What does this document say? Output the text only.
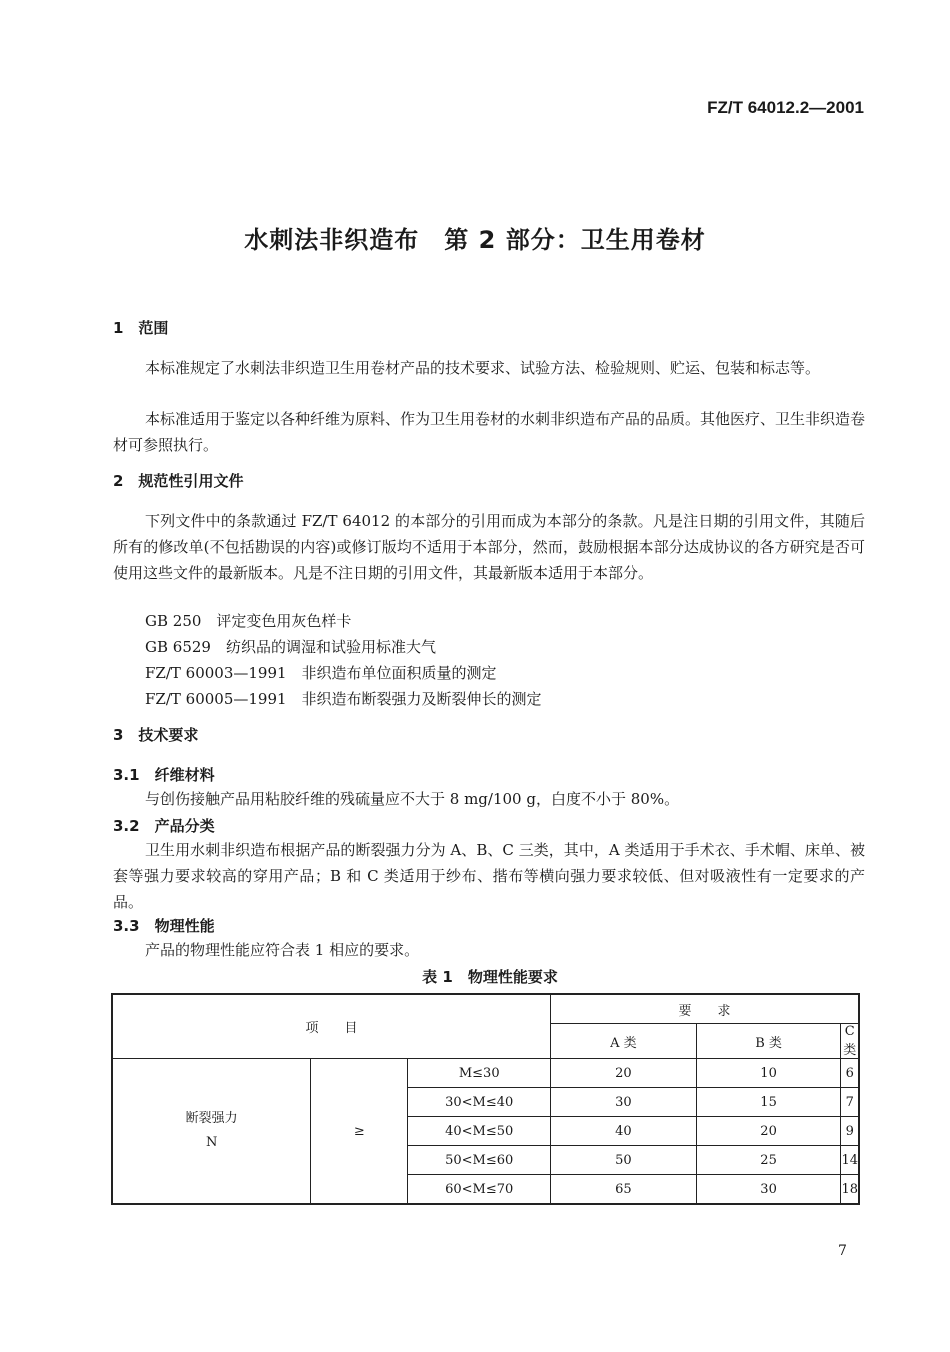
FZ/T 64012.2—2001
水刺法非织造布　第 2 部分：卫生用卷材
1　范围
本标准规定了水刺法非织造卫生用卷材产品的技术要求、试验方法、检验规则、贮运、包装和标志等。
本标准适用于鉴定以各种纤维为原料、作为卫生用卷材的水刺非织造布产品的品质。其他医疗、卫生非织造卷材可参照执行。
2　规范性引用文件
下列文件中的条款通过 FZ/T 64012 的本部分的引用而成为本部分的条款。凡是注日期的引用文件，其随后所有的修改单(不包括勘误的内容)或修订版均不适用于本部分，然而，鼓励根据本部分达成协议的各方研究是否可使用这些文件的最新版本。凡是不注日期的引用文件，其最新版本适用于本部分。
GB 250　评定变色用灰色样卡
GB 6529　纺织品的调湿和试验用标准大气
FZ/T 60003—1991　非织造布单位面积质量的测定
FZ/T 60005—1991　非织造布断裂强力及断裂伸长的测定
3　技术要求
3.1　纤维材料
与创伤接触产品用粘胶纤维的残硫量应不大于 8 mg/100 g，白度不小于 80%。
3.2　产品分类
卫生用水刺非织造布根据产品的断裂强力分为 A、B、C 三类，其中，A 类适用于手术衣、手术帽、床单、被套等强力要求较高的穿用产品；B 和 C 类适用于纱布、揩布等横向强力要求较低、但对吸液性有一定要求的产品。
3.3　物理性能
产品的物理性能应符合表 1 相应的要求。
表 1　物理性能要求
项　　目			要　　求		
			A 类	B 类	C 类

断裂强力
N	≥	M≤30	20	10	6
		30<M≤40	30	15	7
		40<M≤50	40	20	9
		50<M≤60	50	25	14
		60<M≤70	65	30	18
7
